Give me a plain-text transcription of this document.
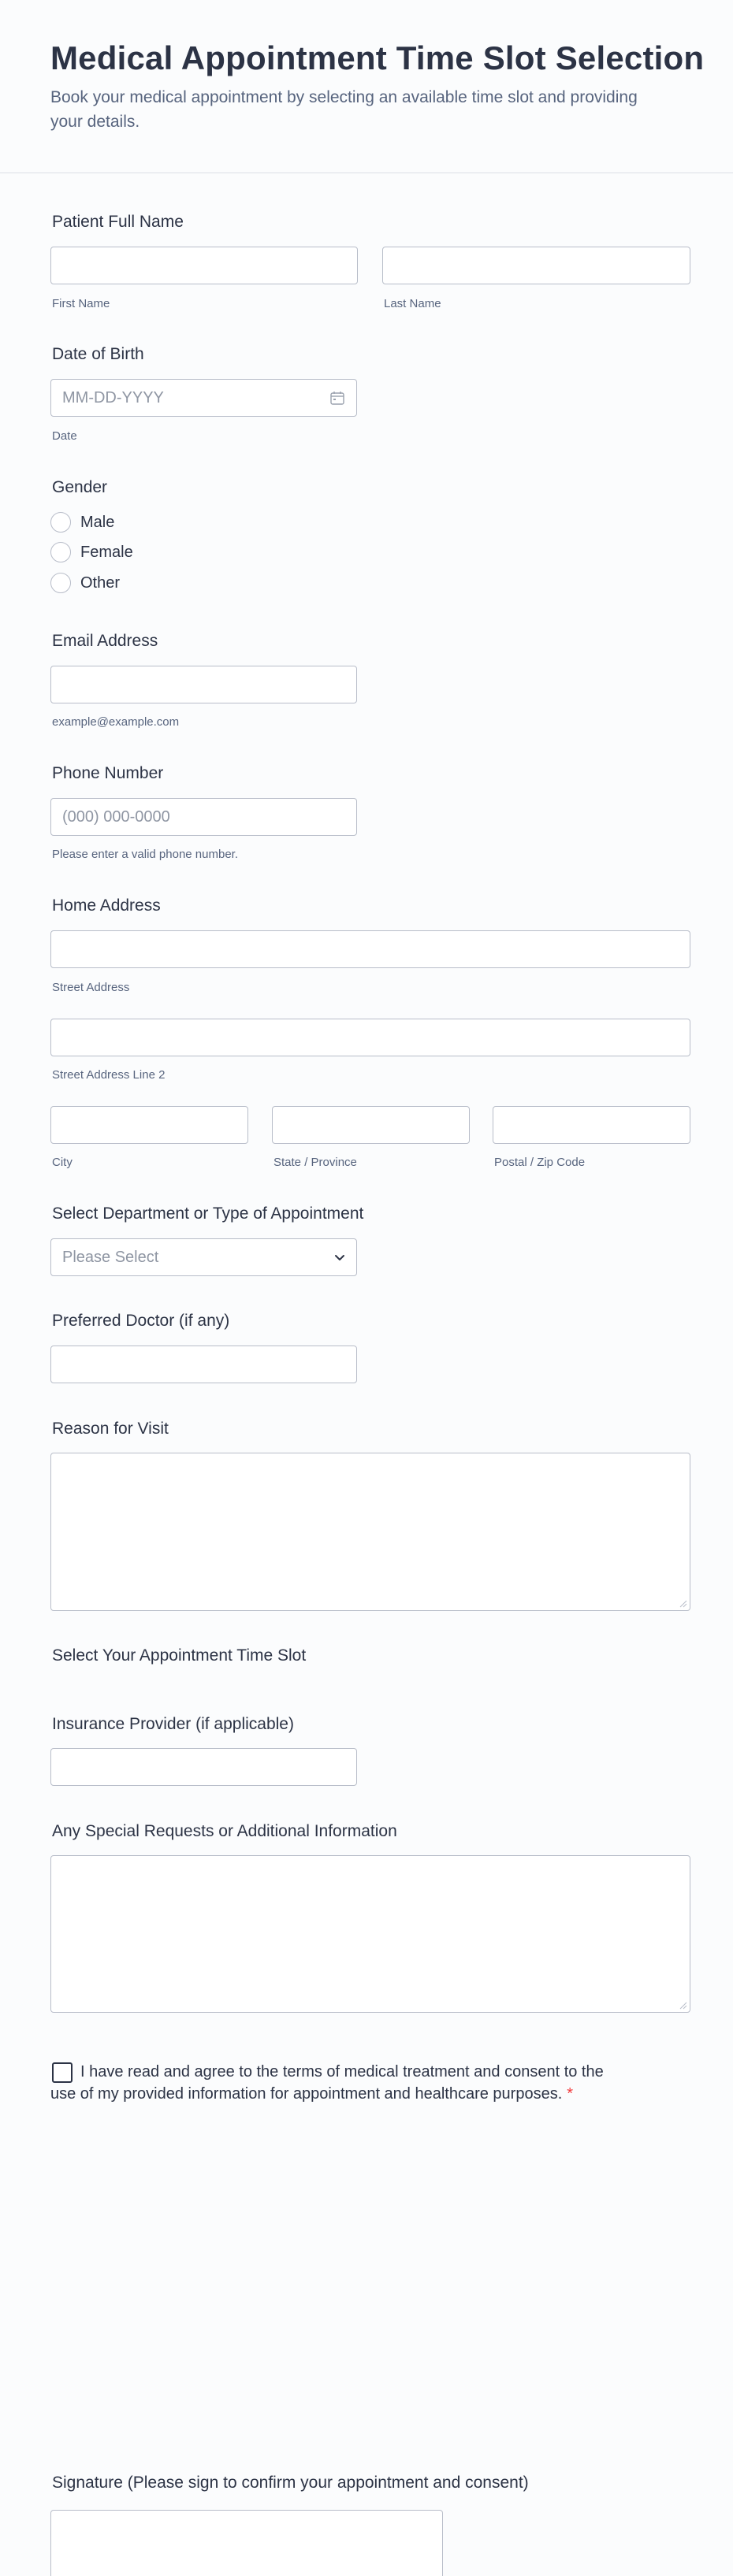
Medical Appointment Time Slot Selection
Book your medical appointment by selecting an available time slot and providing your details.
Patient Full Name
First Name	Last Name
Date of Birth
MM-DD-YYYY
Date
Gender
Male
Female
Other
Email Address
example@example.com
Phone Number
(000) 000-0000
Please enter a valid phone number.
Home Address
Street Address
Street Address Line 2
City	State / Province	Postal / Zip Code
Select Department or Type of Appointment
Please Select
Preferred Doctor (if any)
Reason for Visit
Select Your Appointment Time Slot
Insurance Provider (if applicable)
Any Special Requests or Additional Information
I have read and agree to the terms of medical treatment and consent to the use of my provided information for appointment and healthcare purposes. *
Signature (Please sign to confirm your appointment and consent)
